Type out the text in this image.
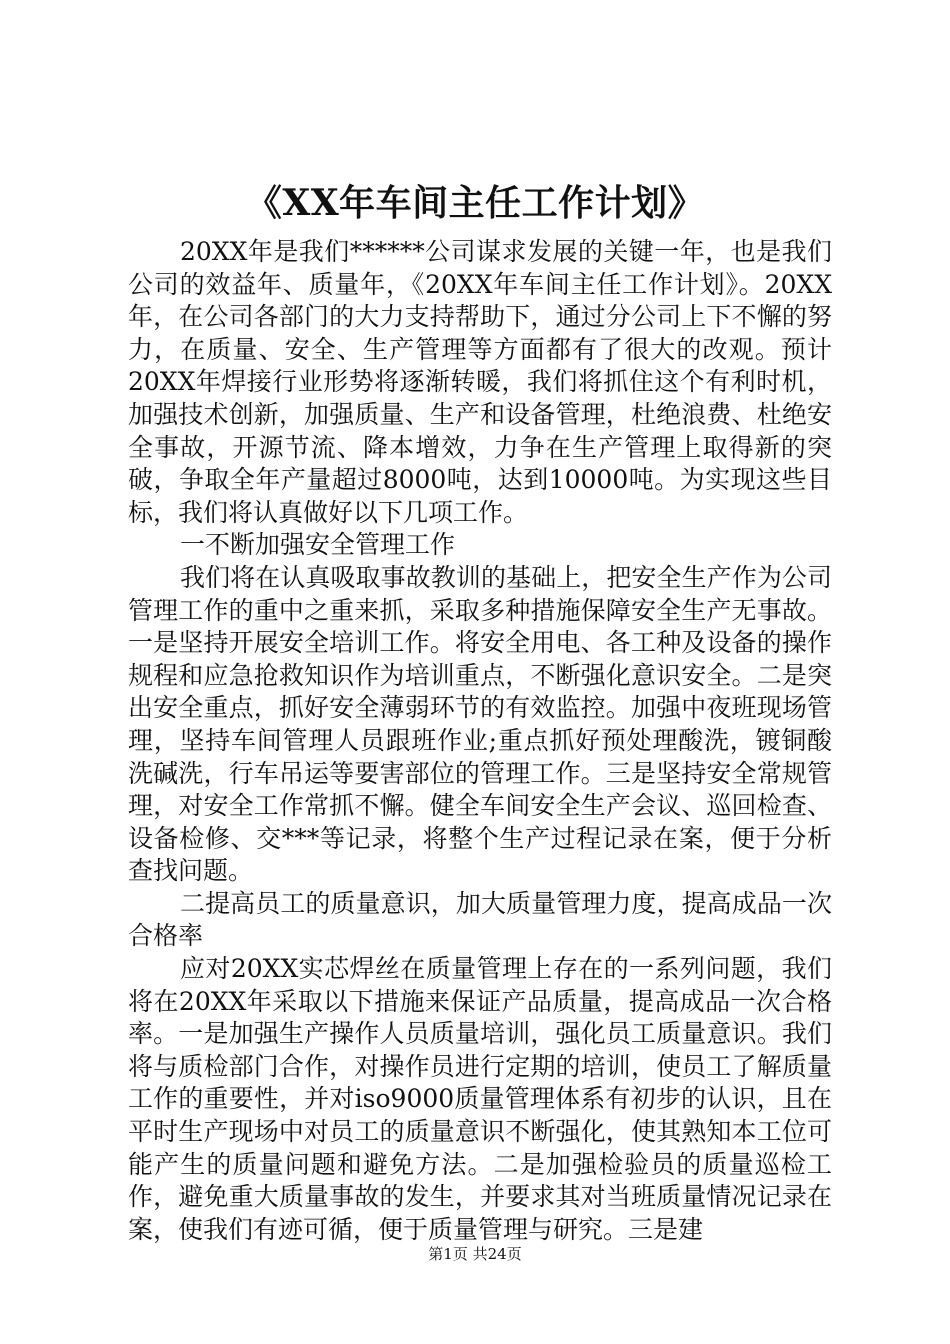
《XX年车间主任工作计划》

20XX年是我们******公司谋求发展的关键一年，也是我们公司的效益年、质量年，《20XX年车间主任工作计划》。20XX年，在公司各部门的大力支持帮助下，通过分公司上下不懈的努力，在质量、安全、生产管理等方面都有了很大的改观。预计20XX年焊接行业形势将逐渐转暖，我们将抓住这个有利时机，加强技术创新，加强质量、生产和设备管理，杜绝浪费、杜绝安全事故，开源节流、降本增效，力争在生产管理上取得新的突破，争取全年产量超过8000吨，达到10000吨。为实现这些目标，我们将认真做好以下几项工作。

一不断加强安全管理工作

我们将在认真吸取事故教训的基础上，把安全生产作为公司管理工作的重中之重来抓，采取多种措施保障安全生产无事故。一是坚持开展安全培训工作。将安全用电、各工种及设备的操作规程和应急抢救知识作为培训重点，不断强化意识安全。二是突出安全重点，抓好安全薄弱环节的有效监控。加强中夜班现场管理，坚持车间管理人员跟班作业;重点抓好预处理酸洗，镀铜酸洗碱洗，行车吊运等要害部位的管理工作。三是坚持安全常规管理，对安全工作常抓不懈。健全车间安全生产会议、巡回检查、设备检修、交***等记录，将整个生产过程记录在案，便于分析查找问题。

二提高员工的质量意识，加大质量管理力度，提高成品一次合格率

应对20XX实芯焊丝在质量管理上存在的一系列问题，我们将在20XX年采取以下措施来保证产品质量，提高成品一次合格率。一是加强生产操作人员质量培训，强化员工质量意识。我们将与质检部门合作，对操作员进行定期的培训，使员工了解质量工作的重要性，并对iso9000质量管理体系有初步的认识，且在平时生产现场中对员工的质量意识不断强化，使其熟知本工位可能产生的质量问题和避免方法。二是加强检验员的质量巡检工作，避免重大质量事故的发生，并要求其对当班质量情况记录在案，使我们有迹可循，便于质量管理与研究。三是建

第1页 共24页
